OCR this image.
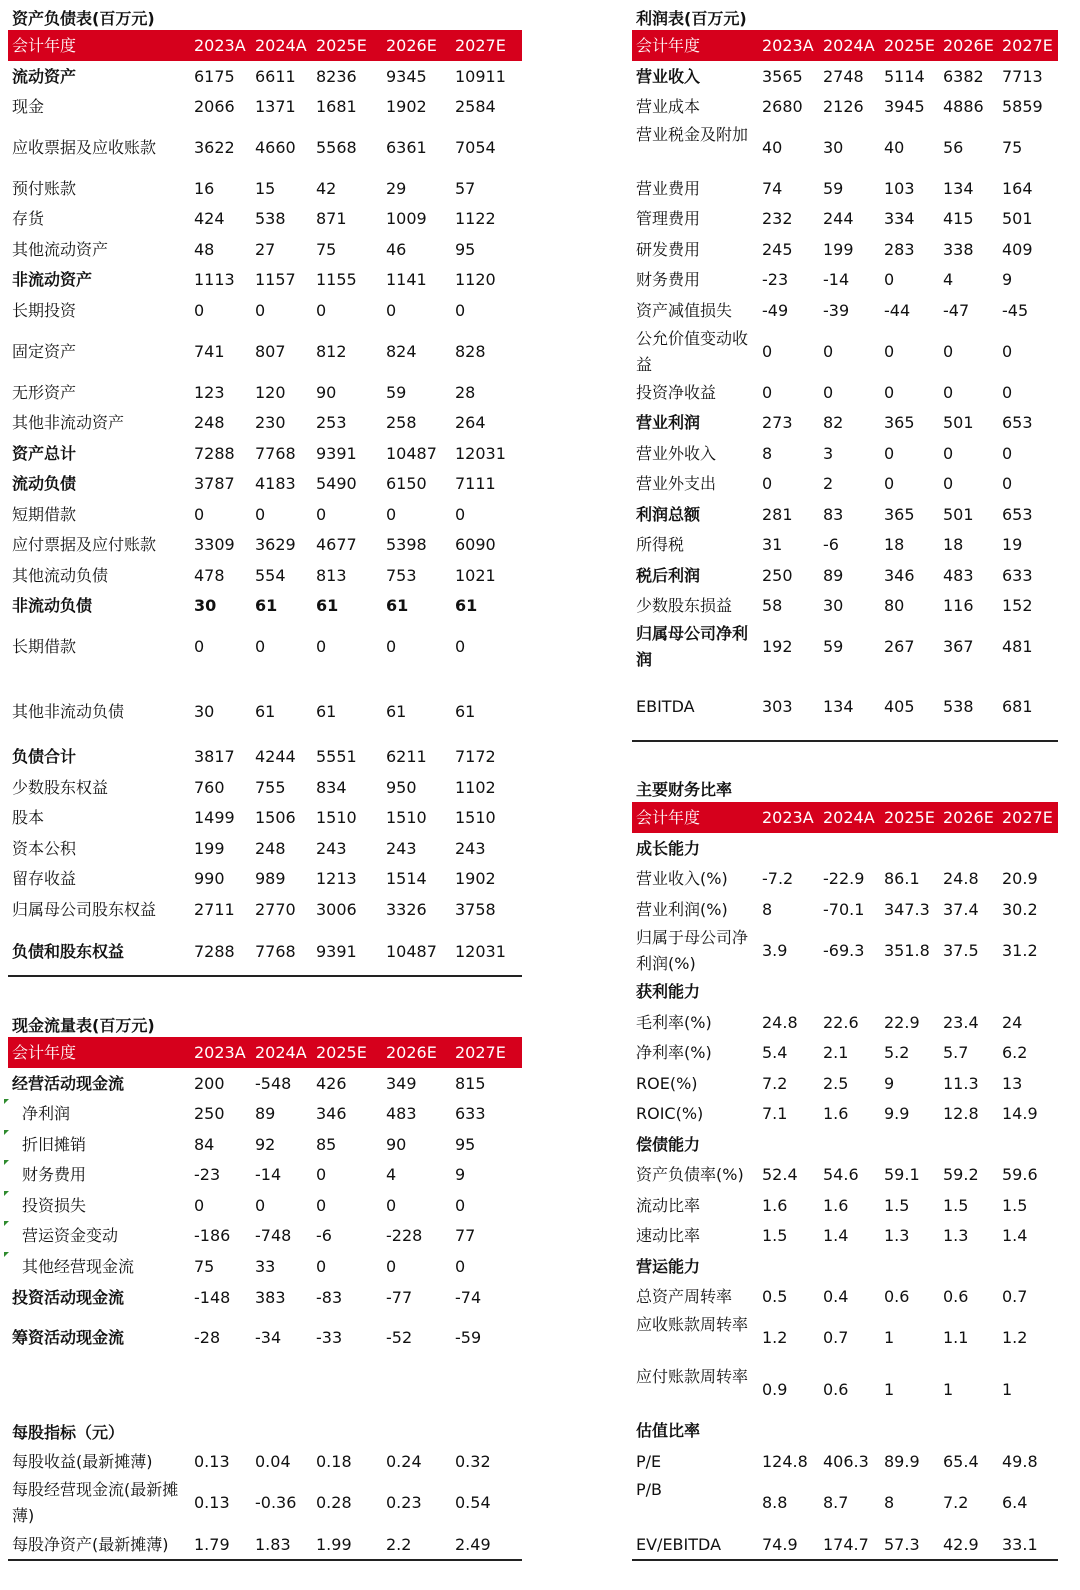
资产负债表(百万元)
会计年度	2023A 2024A 2025E 2026E 2027E
流动资产	6175 6611 8236 9345 10911
现金	2066 1371 1681 1902 2584
应收票据及应收账款	3622 4660 5568 6361 7054
预付账款	16	15	42	29	57
存货	424 538 871 1009 1122
其他流动资产	48	27	75	46	95
非流动资产	1113 1157 1155 1141 1120
长期投资	0	0	0	0	0
固定资产	741 807 812 824 828
无形资产	123 120 90	59	28
其他非流动资产	248 230 253 258 264
资产总计	7288 7768 9391 10487 12031
流动负债	3787 4183 5490 6150 7111
短期借款	0	0	0	0	0
应付票据及应付账款	3309 3629 4677 5398 6090
其他流动负债	478 554 813 753 1021
非流动负债	30 61 61	61	61
长期借款	0	0	0	0	0
其他非流动负债	30	61	61	61	61
负债合计	3817 4244 5551 6211 7172
少数股东权益	760 755 834 950 1102
股本	1499 1506 1510 1510 1510
资本公积	199 248 243 243 243
留存收益	990 989 1213 1514 1902
归属母公司股东权益	2711 2770 3006 3326 3758
负债和股东权益	7288 7768 9391 10487 12031
现金流量表(百万元)
会计年度	2023A 2024A 2025E 2026E 2027E
经营活动现金流	200 -548 426 349 815
净利润	250 89	346 483 633
折旧摊销	84	92	85	90	95
财务费用	-23 -14 0	4	9
投资损失	0	0	0	0	0
营运资金变动	-186 -748 -6	-228 77
其他经营现金流	75	33	0	0	0
投资活动现金流	-148 383 -83	-77	-74
筹资活动现金流	-28 -34 -33	-52	-59
每股指标（元）
每股收益(最新摊薄)	0.13 0.04 0.18 0.24 0.32
每股经营现金流(最新摊薄)
0.13 -0.36 0.28 0.23 0.54
每股净资产(最新摊薄)	1.79 1.83 1.99 2.2	2.49
利润表(百万元)
会计年度	2023A 2024A 2025E 2026E 2027E
营业收入	3565 2748 5114 6382 7713
营业成本	2680 2126 3945 4886 5859
营业税金及附加
40	30	40 56 75
营业费用	74	59	103 134 164
管理费用	232 244 334 415 501
研发费用	245 199 283 338 409
财务费用	-23 -14 0	4	9
资产减值损失	-49 -39 -44 -47 -45
公允价值变动收益
0	0	0	0	0
投资净收益	0	0	0	0	0
营业利润	273 82	365 501 653
营业外收入	8	3	0	0	0
营业外支出	0	2	0	0	0
利润总额	281 83	365 501 653
所得税	31	-6	18 18 19
税后利润	250 89	346 483 633
少数股东损益	58	30	80 116 152
归属母公司净利润
192 59	267 367 481
EBITDA	303 134 405 538 681
主要财务比率
会计年度	2023A 2024A 2025E 2026E 2027E
成长能力
营业收入(%)	-7.2 -22.9 86.1 24.8 20.9
营业利润(%)	8	-70.1 347.3 37.4 30.2
归属于母公司净利润(%)
3.9 -69.3 351.8 37.5 31.2
获利能力
毛利率(%)	24.8 22.6 22.9 23.4 24
净利率(%)	5.4 2.1 5.2 5.7 6.2
ROE(%)	7.2 2.5 9	11.3 13
ROIC(%)	7.1 1.6 9.9 12.8 14.9
偿债能力
资产负债率(%)	52.4 54.6 59.1 59.2 59.6
流动比率	1.6 1.6 1.5 1.5 1.5
速动比率	1.5 1.4 1.3 1.3 1.4
营运能力
总资产周转率	0.5 0.4 0.6 0.6 0.7
应收账款周转率
1.2 0.7 1	1.1 1.2
应付账款周转率
0.9 0.6 1	1	1
估值比率
P/E	124.8 406.3 89.9 65.4 49.8
P/B
8.8 8.7 8	7.2 6.4
EV/EBITDA	74.9 174.7 57.3 42.9 33.1
